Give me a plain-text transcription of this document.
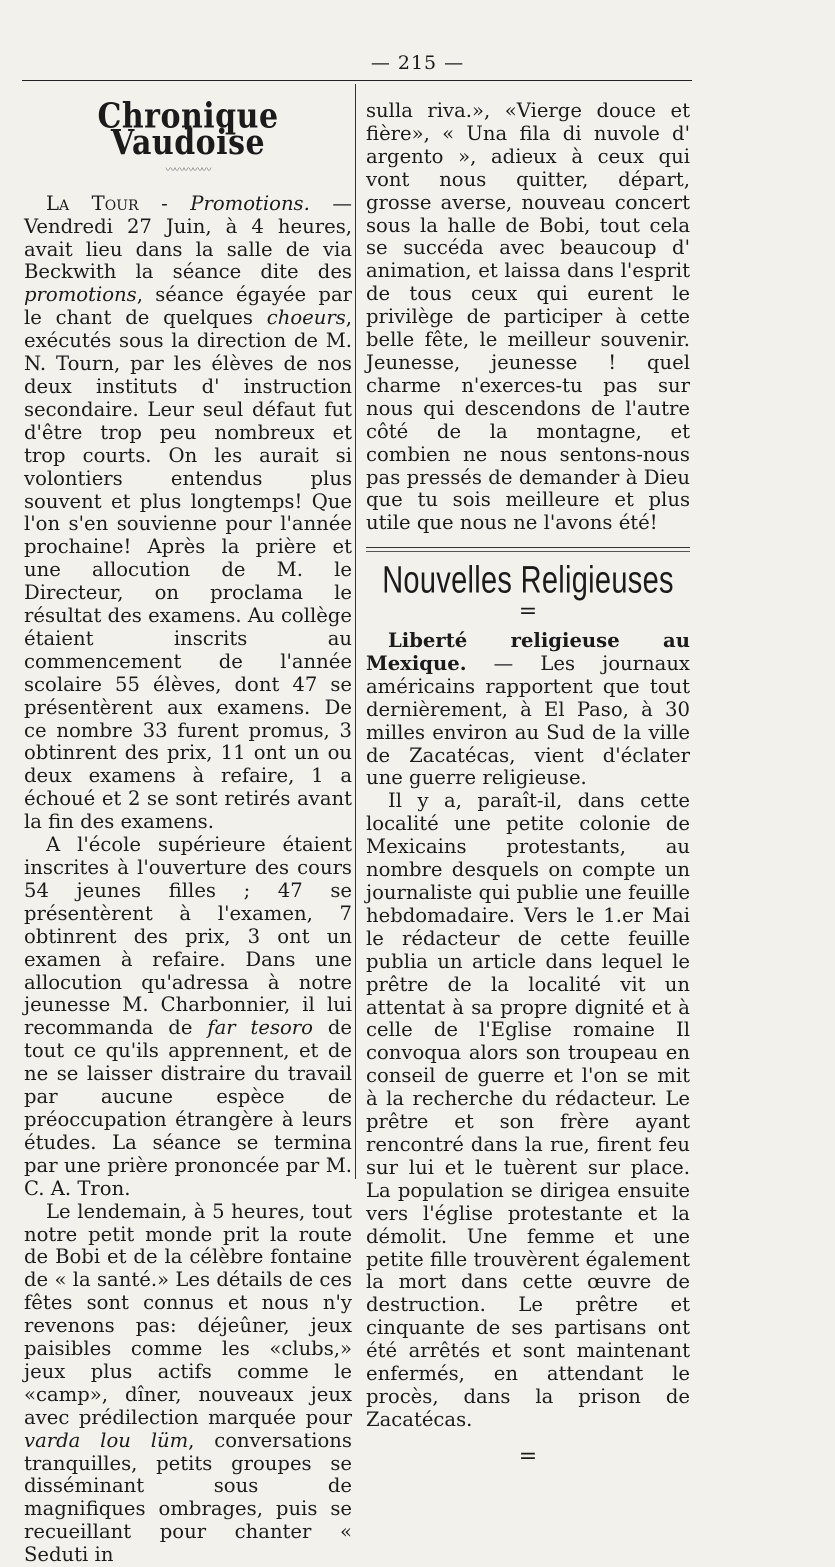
— 215 —
Chronique Vaudoise
〰〰〰〰〰

La Tour - Promotions. —Vendredi 27 Juin, à 4 heures, avait lieu dans la salle de via Beckwith la séance dite des promotions, séance égayée par le chant de quelques choeurs, exécutés sous la direction de M. N. Tourn, par les élèves de nos deux instituts d' instruction secondaire. Leur seul défaut fut d'être trop peu nombreux et trop courts. On les aurait si volontiers entendus plus souvent et plus longtemps! Que l'on s'en souvienne pour l'année prochaine! Après la prière et une allocution de M. le Directeur, on proclama le résultat des examens. Au collège étaient inscrits au commencement de l'année scolaire 55 élèves, dont 47 se présentèrent aux examens. De ce nombre 33 furent promus, 3 obtinrent des prix, 11 ont un ou deux examens à refaire, 1 a échoué et 2 se sont retirés avant la fin des examens.

A l'école supérieure étaient inscrites à l'ouverture des cours 54 jeunes filles ; 47 se présentèrent à l'examen, 7 obtinrent des prix, 3 ont un examen à refaire. Dans une allocution qu'adressa à notre jeunesse M. Charbonnier, il lui recommanda de far tesoro de tout ce qu'ils apprennent, et de ne se laisser distraire du travail par aucune espèce de préoccupation étrangère à leurs études. La séance se termina par une prière prononcée par M. C. A. Tron.

Le lendemain, à 5 heures, tout notre petit monde prit la route de Bobi et de la célèbre fontaine de « la santé.» Les détails de ces fêtes sont connus et nous n'y revenons pas: déjeûner, jeux paisibles comme les «clubs,» jeux plus actifs comme le «camp», dîner, nouveaux jeux avec prédilection marquée pour varda lou lüm, conversations tranquilles, petits groupes se disséminant sous de magnifiques ombrages, puis se recueillant pour chanter « Seduti in

sulla riva.», «Vierge douce et fière», « Una fila di nuvole d' argento », adieux à ceux qui vont nous quitter, départ, grosse averse, nouveau concert sous la halle de Bobi, tout cela se succéda avec beaucoup d' animation, et laissa dans l'esprit de tous ceux qui eurent le privilège de participer à cette belle fête, le meilleur souvenir. Jeunesse, jeunesse ! quel charme n'exerces-tu pas sur nous qui descendons de l'autre côté de la montagne, et combien ne nous sentons-nous pas pressés de demander à Dieu que tu sois meilleure et plus utile que nous ne l'avons été!

Nouvelles Religieuses
=

Liberté religieuse au Mexique. — Les journaux américains rapportent que tout dernièrement, à El Paso, à 30 milles environ au Sud de la ville de Zacatécas, vient d'éclater une guerre religieuse.

Il y a, paraît-il, dans cette localité une petite colonie de Mexicains protestants, au nombre desquels on compte un journaliste qui publie une feuille hebdomadaire. Vers le 1.er Mai le rédacteur de cette feuille publia un article dans lequel le prêtre de la localité vit un attentat à sa propre dignité et à celle de l'Eglise romaine Il convoqua alors son troupeau en conseil de guerre et l'on se mit à la recherche du rédacteur. Le prêtre et son frère ayant rencontré dans la rue, firent feu sur lui et le tuèrent sur place. La population se dirigea ensuite vers l'église protestante et la démolit. Une femme et une petite fille trouvèrent également la mort dans cette œuvre de destruction. Le prêtre et cinquante de ses partisans ont été arrêtés et sont maintenant enfermés, en attendant le procès, dans la prison de Zacatécas.

=
